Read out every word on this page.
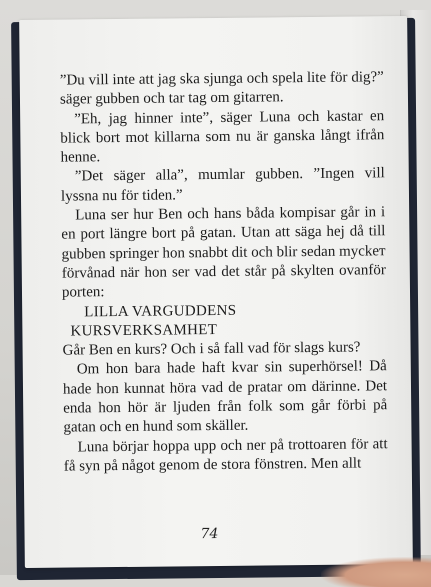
”Du vill inte att jag ska sjunga och spela lite för dig?” säger gubben och tar tag om gitarren.

”Eh, jag hinner inte”, säger Luna och kastar en blick bort mot killarna som nu är ganska långt ifrån henne.

”Det säger alla”, mumlar gubben. ”Ingen vill lyssna nu för tiden.”

Luna ser hur Ben och hans båda kompisar går in i en port längre bort på gatan. Utan att säga hej då till gubben springer hon snabbt dit och blir sedan myckет förvånad när hon ser vad det står på skylten ovanför porten:

LILLA VARGUDDENS KURSVERKSAMHET

Går Ben en kurs? Och i så fall vad för slags kurs?

Om hon bara hade haft kvar sin superhörsel! Då hade hon kunnat höra vad de pratar om därinne. Det enda hon hör är ljuden från folk som går förbi på gatan och en hund som skäller.

Luna börjar hoppa upp och ner på trottoaren för att få syn på något genom de stora fönstren. Men allt

74
